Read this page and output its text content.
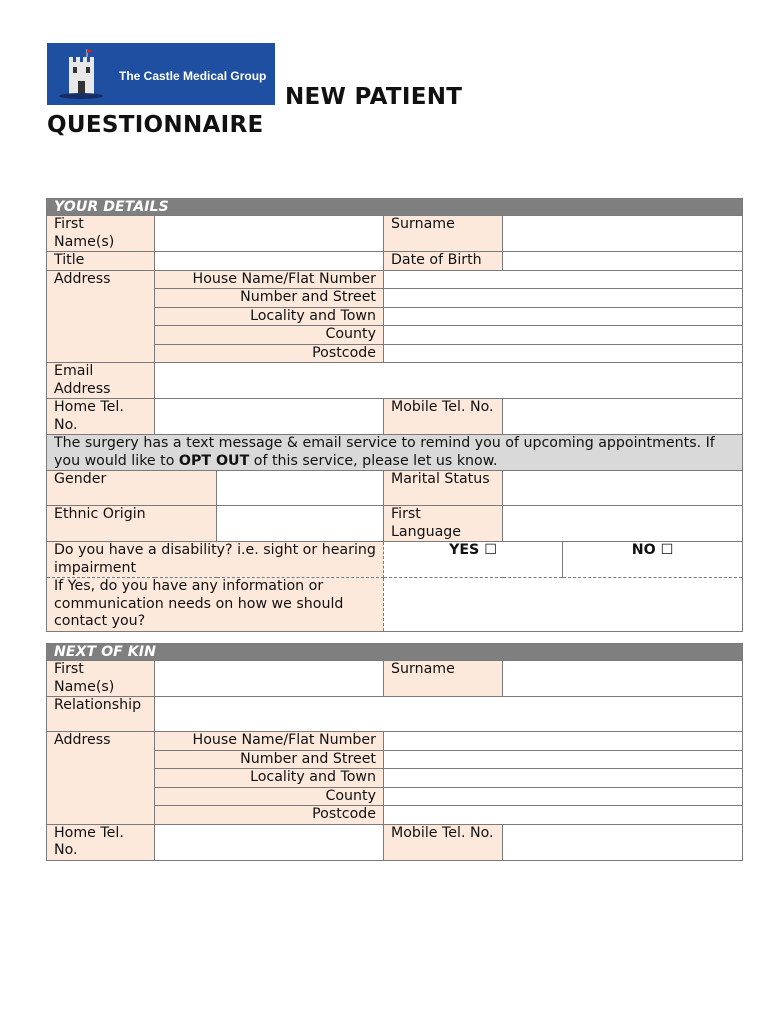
The Castle Medical Group
NEW PATIENT
QUESTIONNAIRE
YOUR DETAILS					
First Name(s)			Surname		
Title			Date of Birth		
Address	House Name/Flat Number				
	Number and Street				
	Locality and Town				
	County				
	Postcode				
Email Address					
Home Tel. No.			Mobile Tel. No.		
The surgery has a text message & email service to remind you of upcoming appointments. If you would like to OPT OUT of this service, please let us know.					
Gender			Marital Status		
Ethnic Origin			First Language		
Do you have a disability? i.e. sight or hearing impairment			YES ☐		NO ☐
If Yes, do you have any information or communication needs on how we should contact you?					
NEXT OF KIN			
First Name(s)		Surname	
Relationship			
Address	House Name/Flat Number		
	Number and Street		
	Locality and Town		
	County		
	Postcode		
Home Tel. No.		Mobile Tel. No.	
